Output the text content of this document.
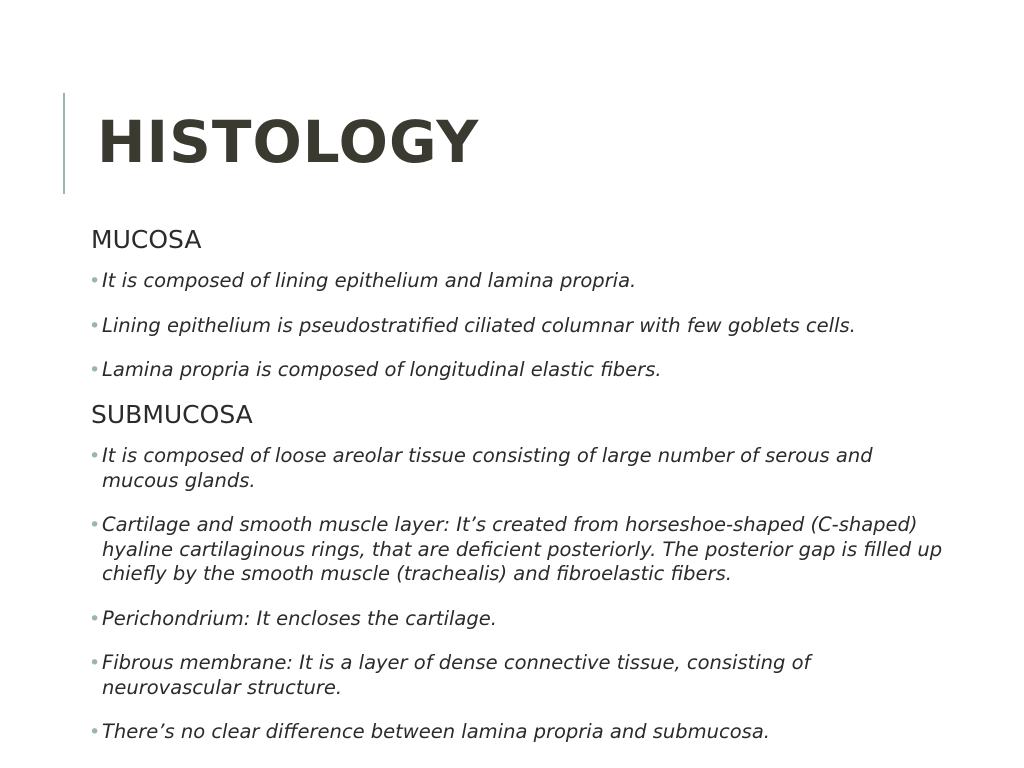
HISTOLOGY
MUCOSA
• It is composed of lining epithelium and lamina propria.
• Lining epithelium is pseudostratified ciliated columnar with few goblets cells.
• Lamina propria is composed of longitudinal elastic fibers.
SUBMUCOSA
• It is composed of loose areolar tissue consisting of large number of serous and mucous glands.
• Cartilage and smooth muscle layer: It’s created from horseshoe-shaped (C-shaped) hyaline cartilaginous rings, that are deficient posteriorly. The posterior gap is filled up chiefly by the smooth muscle (trachealis) and fibroelastic fibers.
• Perichondrium: It encloses the cartilage.
• Fibrous membrane: It is a layer of dense connective tissue, consisting of neurovascular structure.
• There’s no clear difference between lamina propria and submucosa.
